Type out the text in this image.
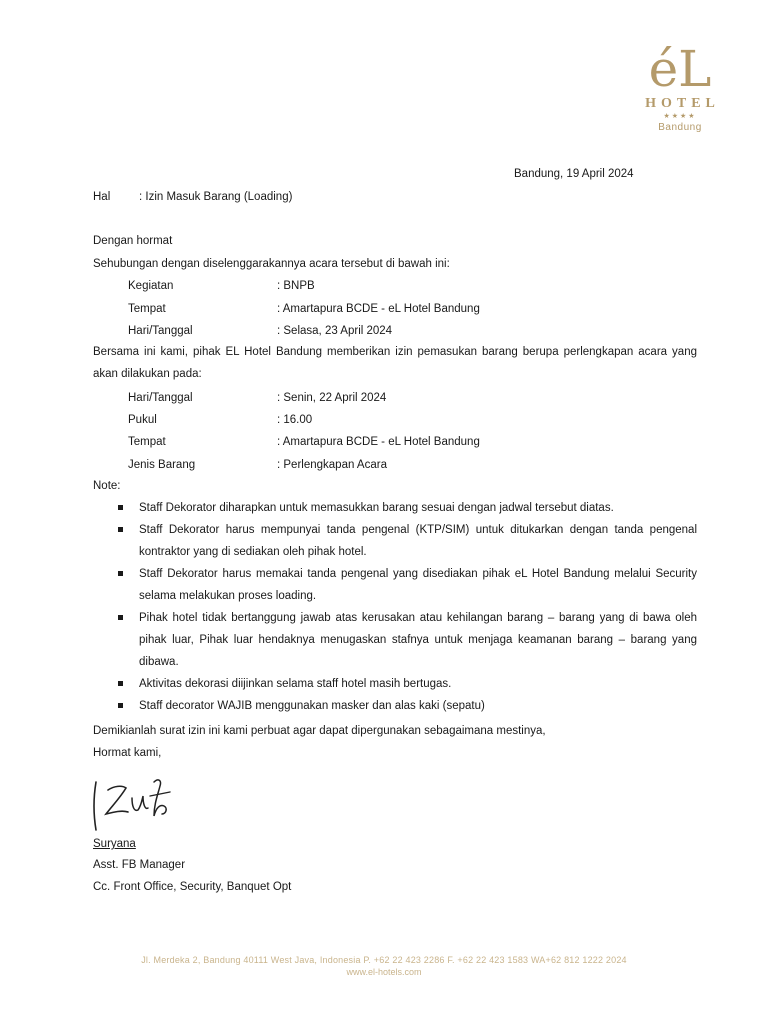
éL
HOTEL
★★★★
Bandung
Bandung, 19 April 2024
Hal : Izin Masuk Barang (Loading)
Dengan hormat
Sehubungan dengan diselenggarakannya acara tersebut di bawah ini:
Kegiatan	: BNPB
Tempat	: Amartapura BCDE - eL Hotel Bandung
Hari/Tanggal	: Selasa, 23 April 2024
Bersama ini kami, pihak EL Hotel Bandung memberikan izin pemasukan barang berupa perlengkapan acara yang akan dilakukan pada:
Hari/Tanggal	: Senin, 22 April 2024
Pukul	: 16.00
Tempat	: Amartapura BCDE - eL Hotel Bandung
Jenis Barang	: Perlengkapan Acara
Note:
Staff Dekorator diharapkan untuk memasukkan barang sesuai dengan jadwal tersebut diatas.
Staff Dekorator harus mempunyai tanda pengenal (KTP/SIM) untuk ditukarkan dengan tanda pengenal kontraktor yang di sediakan oleh pihak hotel.
Staff Dekorator harus memakai tanda pengenal yang disediakan pihak eL Hotel Bandung melalui Security selama melakukan proses loading.
Pihak hotel tidak bertanggung jawab atas kerusakan atau kehilangan barang – barang yang di bawa oleh pihak luar, Pihak luar hendaknya menugaskan stafnya untuk menjaga keamanan barang – barang yang dibawa.
Aktivitas dekorasi diijinkan selama staff hotel masih bertugas.
Staff decorator WAJIB menggunakan masker dan alas kaki (sepatu)
Demikianlah surat izin ini kami perbuat agar dapat dipergunakan sebagaimana mestinya,
Hormat kami,
Suryana
Asst. FB Manager
Cc. Front Office, Security, Banquet Opt
Jl. Merdeka 2, Bandung 40111 West Java, Indonesia P. +62 22 423 2286 F. +62 22 423 1583 WA+62 812 1222 2024
www.el-hotels.com
